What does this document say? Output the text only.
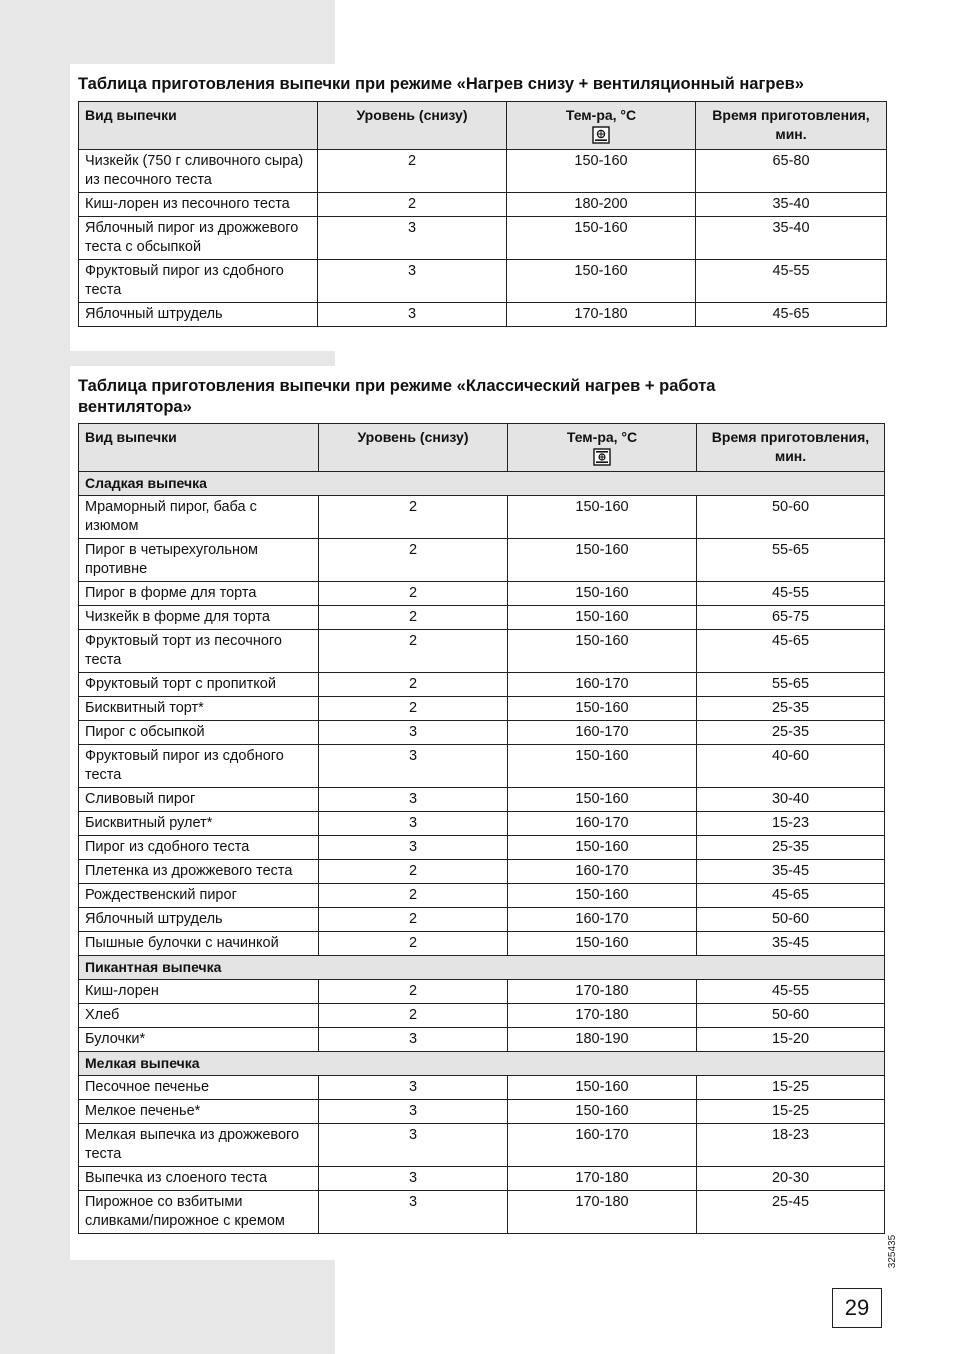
Таблица приготовления выпечки при режиме «Нагрев снизу + вентиляционный нагрев»
Вид выпечки	Уровень (снизу)	Тем-ра, °C	Время приготовления, мин.
Чизкейк (750 г сливочного сыра) из песочного теста	2	150-160	65-80
Киш-лорен из песочного теста	2	180-200	35-40
Яблочный пирог из дрожжевого теста с обсыпкой	3	150-160	35-40
Фруктовый пирог из сдобного теста	3	150-160	45-55
Яблочный штрудель	3	170-180	45-65
Таблица приготовления выпечки при режиме «Классический нагрев + работа вентилятора»
Вид выпечки	Уровень (снизу)	Тем-ра, °C	Время приготовления, мин.
Сладкая выпечка			
Мраморный пирог, баба с изюмом	2	150-160	50-60
Пирог в четырехугольном противне	2	150-160	55-65
Пирог в форме для торта	2	150-160	45-55
Чизкейк в форме для торта	2	150-160	65-75
Фруктовый торт из песочного теста	2	150-160	45-65
Фруктовый торт с пропиткой	2	160-170	55-65
Бисквитный торт*	2	150-160	25-35
Пирог с обсыпкой	3	160-170	25-35
Фруктовый пирог из сдобного теста	3	150-160	40-60
Сливовый пирог	3	150-160	30-40
Бисквитный рулет*	3	160-170	15-23
Пирог из сдобного теста	3	150-160	25-35
Плетенка из дрожжевого теста	2	160-170	35-45
Рождественский пирог	2	150-160	45-65
Яблочный штрудель	2	160-170	50-60
Пышные булочки с начинкой	2	150-160	35-45
Пикантная выпечка			
Киш-лорен	2	170-180	45-55
Хлеб	2	170-180	50-60
Булочки*	3	180-190	15-20
Мелкая выпечка			
Песочное печенье	3	150-160	15-25
Мелкое печенье*	3	150-160	15-25
Мелкая выпечка из дрожжевого теста	3	160-170	18-23
Выпечка из слоеного теста	3	170-180	20-30
Пирожное со взбитыми сливками/пирожное с кремом	3	170-180	25-45
325435
29
